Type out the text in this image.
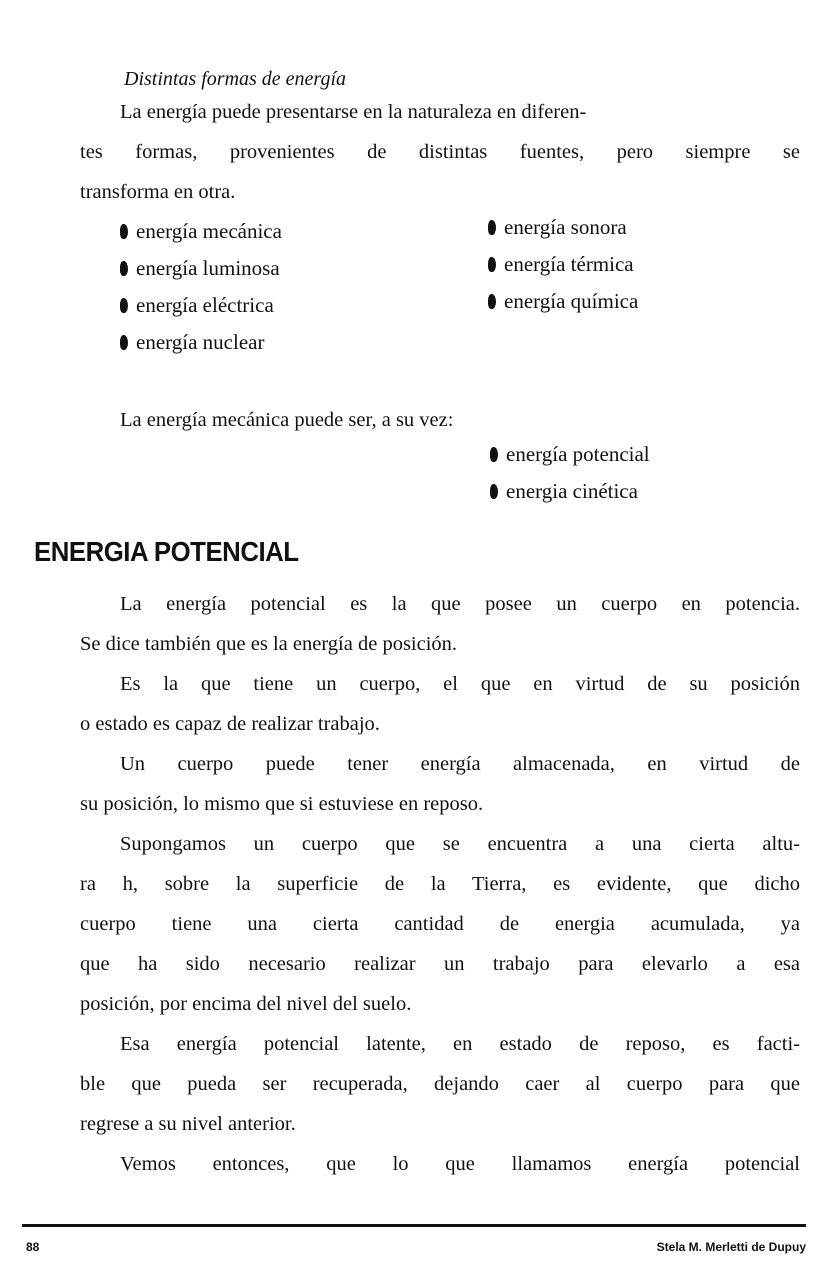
Distintas formas de energía
La energía puede presentarse en la naturaleza en diferen-
tes formas, provenientes de distintas fuentes, pero siempre se
transforma en otra.
energía mecánica
energía luminosa
energía eléctrica
energía nuclear
energía sonora
energía térmica
energía química
La energía mecánica puede ser, a su vez:
energía potencial
energia cinética
ENERGIA POTENCIAL
La energía potencial es la que posee un cuerpo en potencia.
Se dice también que es la energía de posición.
Es la que tiene un cuerpo, el que en virtud de su posición
o estado es capaz de realizar trabajo.
Un cuerpo puede tener energía almacenada, en virtud de
su posición, lo mismo que si estuviese en reposo.
Supongamos un cuerpo que se encuentra a una cierta altu-
ra h, sobre la superficie de la Tierra, es evidente, que dicho
cuerpo tiene una cierta cantidad de energia acumulada, ya
que ha sido necesario realizar un trabajo para elevarlo a esa
posición, por encima del nivel del suelo.
Esa energía potencial latente, en estado de reposo, es facti-
ble que pueda ser recuperada, dejando caer al cuerpo para que
regrese a su nivel anterior.
Vemos entonces, que lo que llamamos energía potencial
88	Stela M. Merletti de Dupuy
